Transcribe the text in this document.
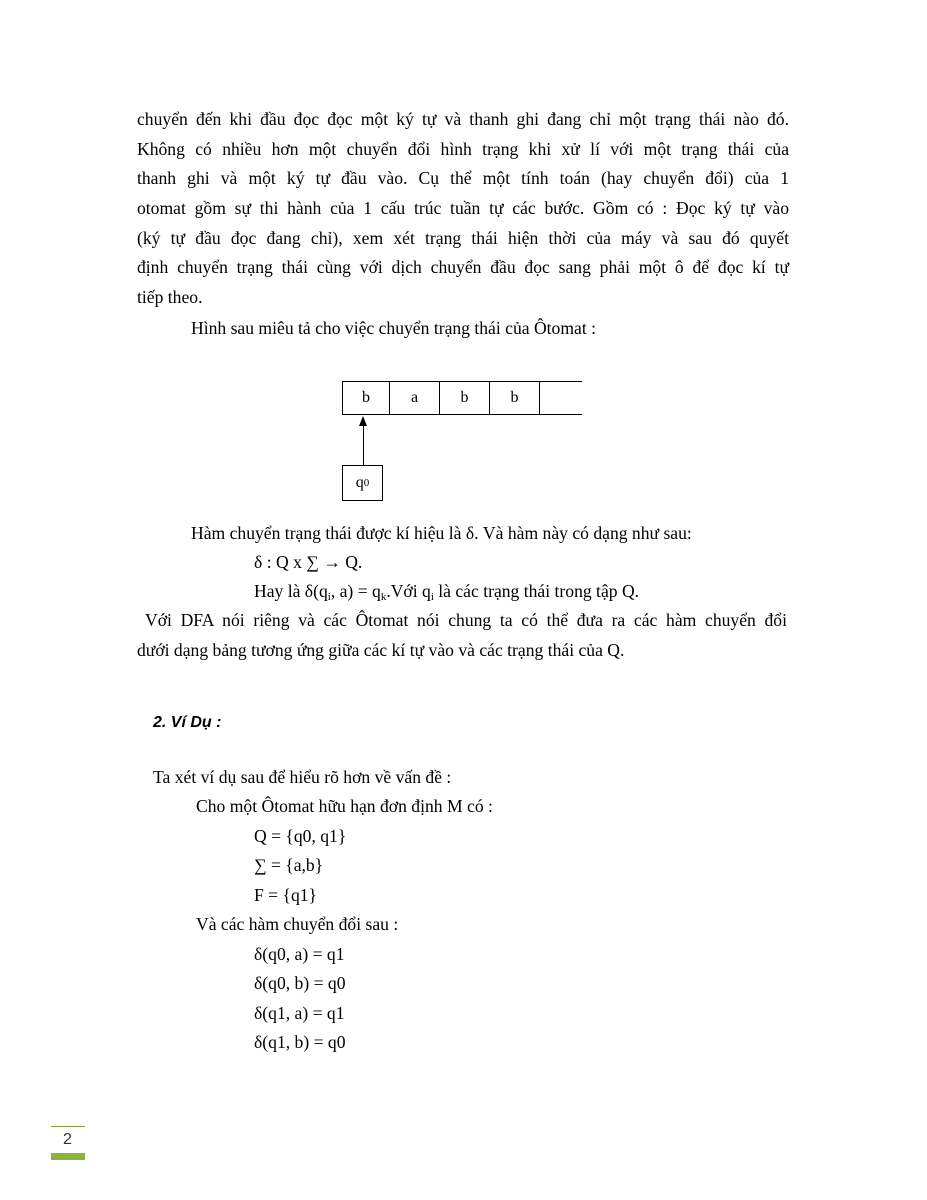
chuyển đến khi đầu đọc đọc một ký tự và thanh ghi đang chỉ một trạng thái nào đó.
Không có nhiều hơn một chuyển đổi hình trạng khi xử lí với một trạng thái của
thanh ghi và một ký tự đầu vào. Cụ thể một tính toán (hay chuyển đổi) của 1
otomat gồm sự thi hành của 1 cấu trúc tuần tự các bước. Gồm có : Đọc ký tự vào
(ký tự đầu đọc đang chỉ), xem xét trạng thái hiện thời của máy và sau đó quyết
định chuyển trạng thái cùng với dịch chuyển đầu đọc sang phải một ô để đọc kí tự
tiếp theo.
Hình sau miêu tả cho việc chuyển trạng thái của Ôtomat :
b	a	b	b
q 0
Hàm chuyển trạng thái được kí hiệu là δ. Và hàm này có dạng như sau:
δ : Q x ∑ → Q.
Hay là $\delta(q_i$, $a) = q_k.Với$ $q_i$ là các trạng thái trong tập Q.
Với DFA nói riêng và các Ôtomat nói chung ta có thể đưa ra các hàm chuyển đổi
dưới dạng bảng tương ứng giữa các kí tự vào và các trạng thái của Q.
2. Ví Dụ :
Ta xét ví dụ sau để hiểu rõ hơn về vấn đề :
Cho một Ôtomat hữu hạn đơn định M có :
Q = {q0, q1}
∑ = {a,b}
F = {q1}
Và các hàm chuyển đổi sau :
δ(q0, a) = q1
δ(q0, b) = q0
δ(q1, a) = q1
δ(q1, b) = q0
2
